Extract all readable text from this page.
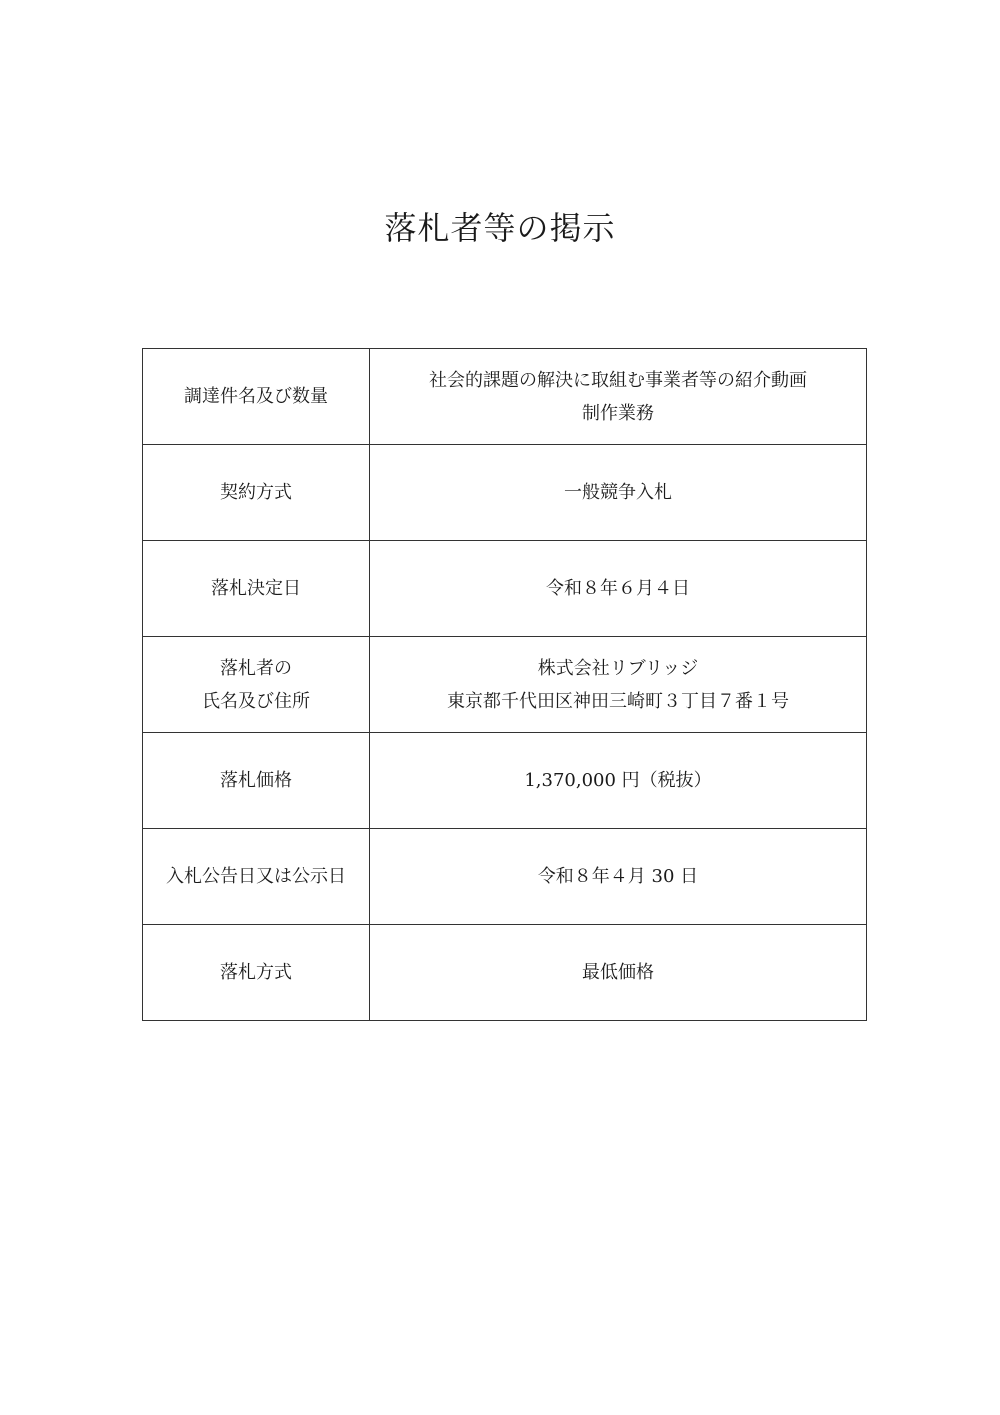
落札者等の掲示
調達件名及び数量	社会的課題の解決に取組む事業者等の紹介動画
制作業務

契約方式	一般競争入札

落札決定日	令和８年６月４日

落札者の
氏名及び住所	株式会社リブリッジ
東京都千代田区神田三崎町３丁目７番１号

落札価格	1,370,000 円（税抜）

入札公告日又は公示日	令和８年４月 30 日

落札方式	最低価格
